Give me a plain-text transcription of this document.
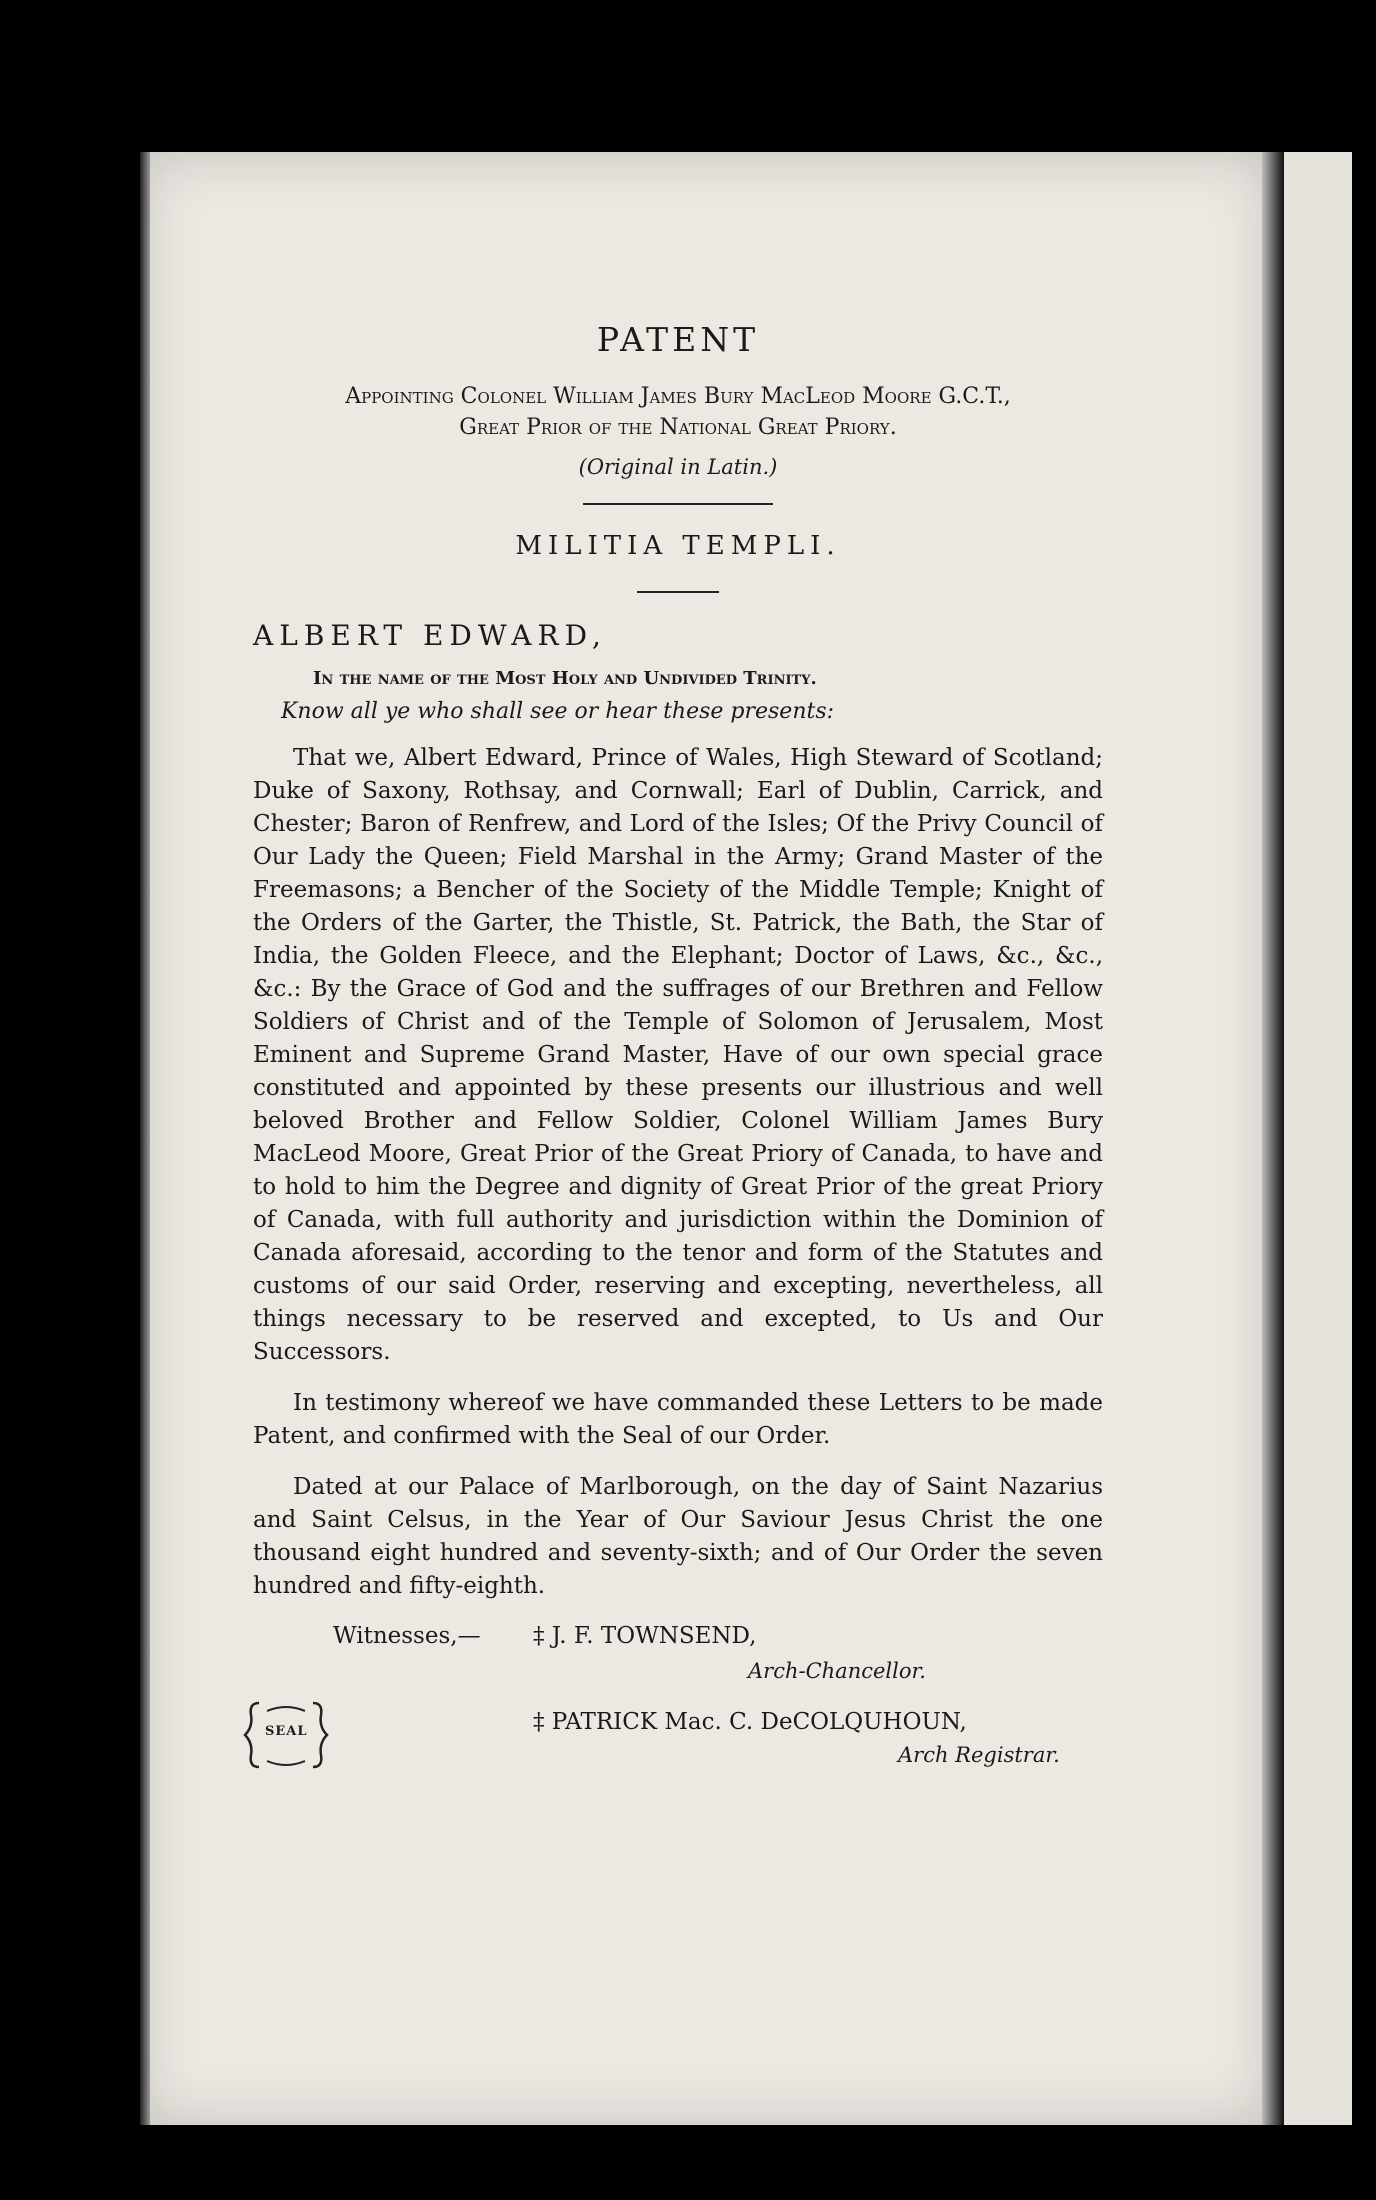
PATENT
Appointing Colonel William James Bury MacLeod Moore G.C.T.,
Great Prior of the National Great Priory.
(Original in Latin.)
MILITIA TEMPLI.
ALBERT EDWARD,
In the name of the Most Holy and Undivided Trinity.
Know all ye who shall see or hear these presents:

That we, Albert Edward, Prince of Wales, High Steward of Scotland; Duke of Saxony, Rothsay, and Cornwall; Earl of Dublin, Carrick, and Chester; Baron of Renfrew, and Lord of the Isles; Of the Privy Council of Our Lady the Queen; Field Marshal in the Army; Grand Master of the Freemasons; a Bencher of the Society of the Middle Temple; Knight of the Orders of the Garter, the Thistle, St. Patrick, the Bath, the Star of India, the Golden Fleece, and the Elephant; Doctor of Laws, &c., &c., &c.: By the Grace of God and the suffrages of our Brethren and Fellow Soldiers of Christ and of the Temple of Solomon of Jerusalem, Most Eminent and Supreme Grand Master, Have of our own special grace constituted and appointed by these presents our illustrious and well beloved Brother and Fellow Soldier, Colonel William James Bury MacLeod Moore, Great Prior of the Great Priory of Canada, to have and to hold to him the Degree and dignity of Great Prior of the great Priory of Canada, with full authority and jurisdiction within the Dominion of Canada aforesaid, according to the tenor and form of the Statutes and customs of our said Order, reserving and excepting, nevertheless, all things necessary to be reserved and excepted, to Us and Our Successors.

In testimony whereof we have commanded these Letters to be made Patent, and confirmed with the Seal of our Order.

Dated at our Palace of Marlborough, on the day of Saint Nazarius and Saint Celsus, in the Year of Our Saviour Jesus Christ the one thousand eight hundred and seventy-sixth; and of Our Order the seven hundred and fifty-eighth.

Witnesses,— ‡ J. F. TOWNSEND,
Arch-Chancellor.
SEAL	‡ PATRICK Mac. C. DeCOLQUHOUN,
Arch Registrar.
